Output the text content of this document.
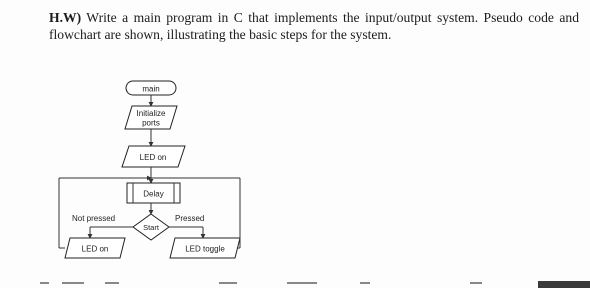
H.W) Write a main program in C that implements the input/output system. Pseudo code and flowchart are shown, illustrating the basic steps for the system.
main
Initialize
ports
LED on
Delay
Start
Not pressed	Pressed
LED on	LED toggle
